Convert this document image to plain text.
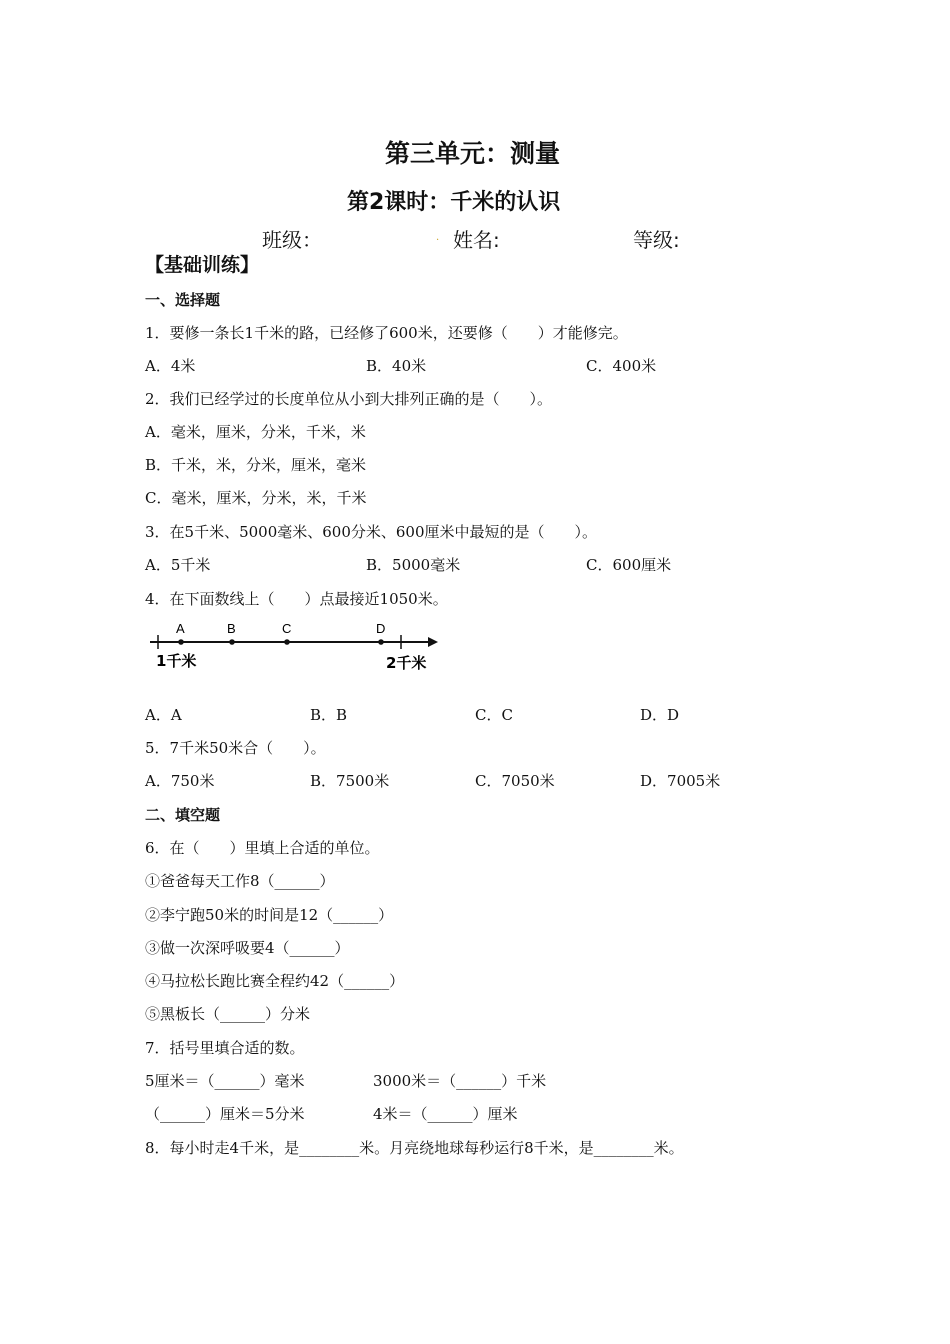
第三单元：测量
第2课时：千米的认识
班级：	. 姓名:	等级:
【基础训练】
一、选择题
1．要修一条长1千米的路，已经修了600米，还要修（　　）才能修完。
A．4米	B．40米	C．400米
2．我们已经学过的长度单位从小到大排列正确的是（　　）。
A．毫米，厘米，分米，千米，米
B．千米，米，分米，厘米，毫米
C．毫米，厘米，分米，米，千米
3．在5千米、5000毫米、600分米、600厘米中最短的是（　　）。
A．5千米	B．5000毫米	C．600厘米
4．在下面数线上（　　）点最接近1050米。
A	B	C	D
1千米	2千米
A．A	B．B	C．C	D．D
5．7千米50米合（　　）。
A．750米	B．7500米	C．7050米	D．7005米
二、填空题
6．在（　　）里填上合适的单位。
①爸爸每天工作8（______）
②李宁跑50米的时间是12（______）
③做一次深呼吸要4（______）
④马拉松长跑比赛全程约42（______）
⑤黑板长（______）分米
7．括号里填合适的数。
5厘米＝（______）毫米	3000米＝（______）千米
（______）厘米＝5分米	4米＝（______）厘米
8．每小时走4千米，是________米。月亮绕地球每秒运行8千米，是________米。
